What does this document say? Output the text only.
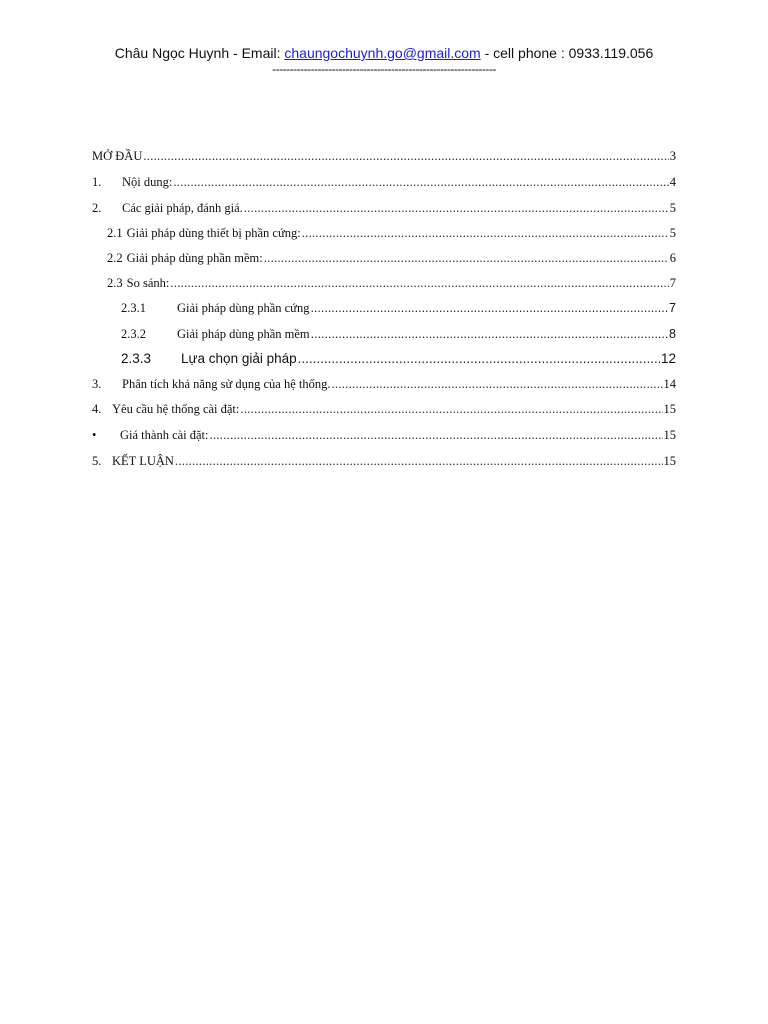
Châu Ngọc Huynh - Email: chaungochuynh.go@gmail.com - cell phone : 0933.119.056
----------------------------------------------------------------
MỞ ĐẦU .....	3
1.	Nội dung: .....	4
2.	Các giải pháp, đánh giá. .....	5
2.1 Giải pháp dùng thiết bị phần cứng: .....	5
2.2 Giải pháp dùng phần mềm: .....	6
2.3 So sánh: .....	7
2.3.1	Giải pháp dùng phần cứng .....	7
2.3.2	Giải pháp dùng phần mềm .....	8
2.3.3	Lựa chọn giải pháp .....	12
3.	Phân tích khả năng sử dụng của hệ thống. .....	14
4. Yêu cầu hệ thống cài đặt: .....	15
•	Giá thành cài đặt: .....	15
5. KẾT LUẬN .....	15
